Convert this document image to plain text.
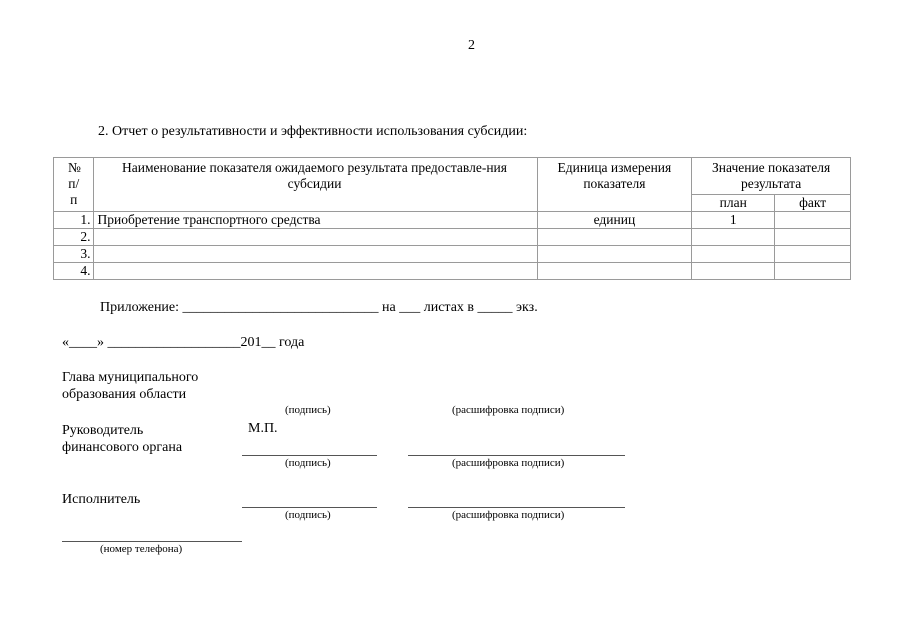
2
2. Отчет о результативности и эффективности использования субсидии:
№ п/п	Наименование показателя ожидаемого результата предоставле-ния субсидии	Единица измерения показателя	Значение показателя результата	
			план	факт
1.	Приобретение транспортного средства	единиц	1	
2.				
3.				
4.				
Приложение: ____________________________ на ___ листах в _____ экз.
«____» ___________________201__ года
Глава муниципального
образования области
(подпись)	(расшифровка подписи)
Руководитель
финансового органа
М.П.
(подпись)	(расшифровка подписи)
Исполнитель
(подпись)	(расшифровка подписи)
(номер телефона)
